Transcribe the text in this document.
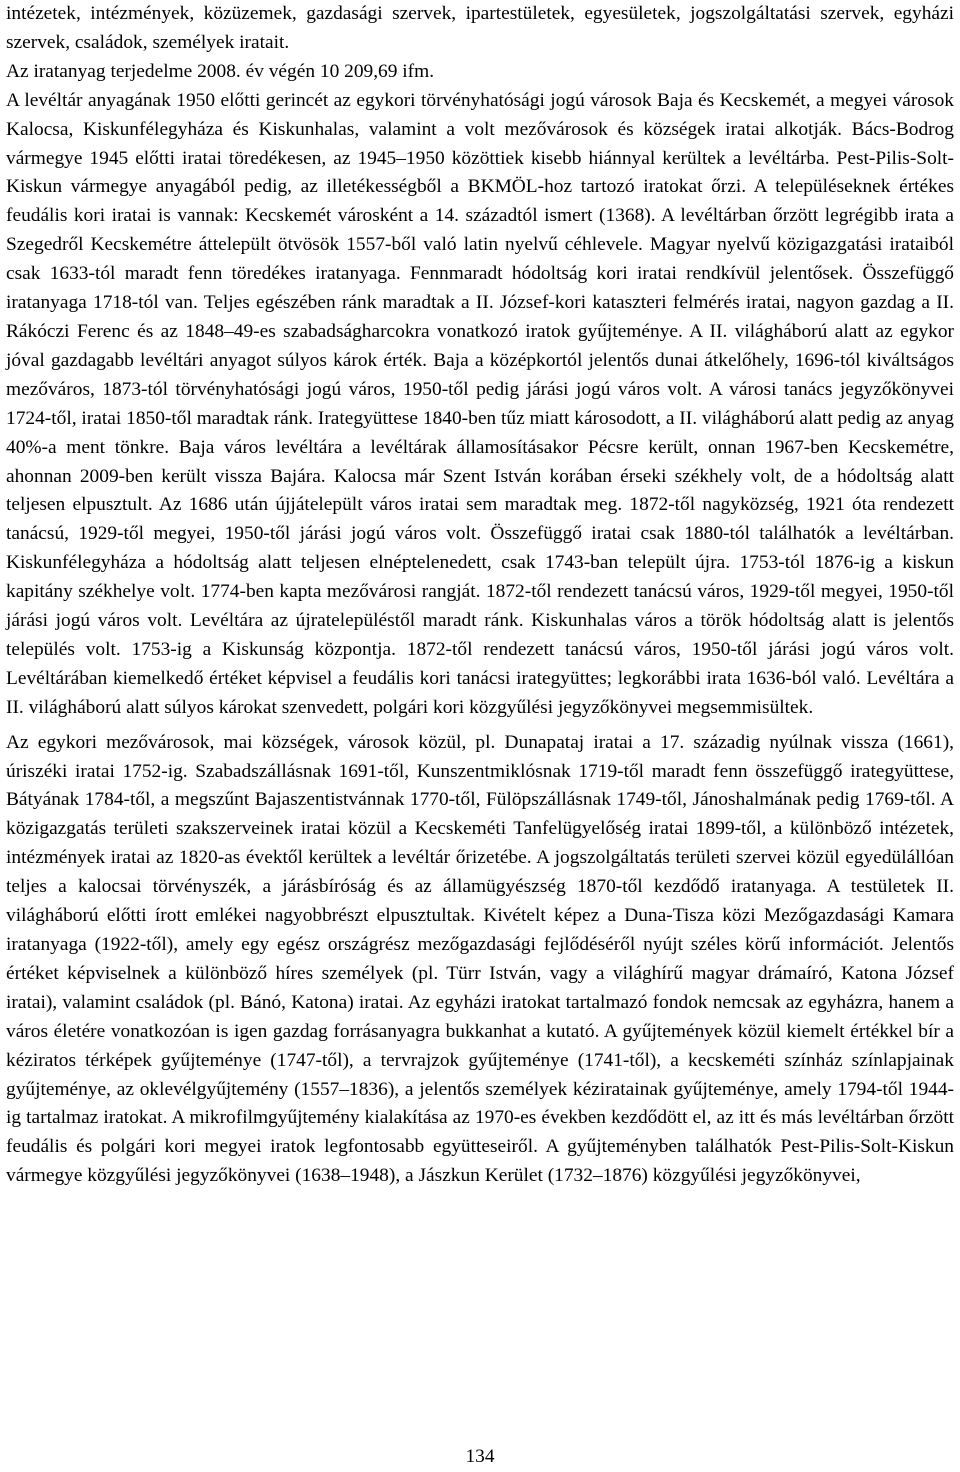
intézetek, intézmények, közüzemek, gazdasági szervek, ipartestületek, egyesületek, jogszolgáltatási szervek, egyházi szervek, családok, személyek iratait.

Az iratanyag terjedelme 2008. év végén 10 209,69 ifm.

A levéltár anyagának 1950 előtti gerincét az egykori törvényhatósági jogú városok Baja és Kecskemét, a megyei városok Kalocsa, Kiskunfélegyháza és Kiskunhalas, valamint a volt mezővárosok és községek iratai alkotják. Bács-Bodrog vármegye 1945 előtti iratai töredékesen, az 1945–1950 közöttiek kisebb hiánnyal kerültek a levéltárba. Pest-Pilis-Solt-Kiskun vármegye anyagából pedig, az illetékességből a BKMÖL-hoz tartozó iratokat őrzi. A településeknek értékes feudális kori iratai is vannak: Kecskemét városként a 14. századtól ismert (1368). A levéltárban őrzött legrégibb irata a Szegedről Kecskemétre áttelepült ötvösök 1557-ből való latin nyelvű céhlevele. Magyar nyelvű közigazgatási irataiból csak 1633-tól maradt fenn töredékes iratanyaga. Fennmaradt hódoltság kori iratai rendkívül jelentősek. Összefüggő iratanyaga 1718-tól van. Teljes egészében ránk maradtak a II. József-kori kataszteri felmérés iratai, nagyon gazdag a II. Rákóczi Ferenc és az 1848–49-es szabadságharcokra vonatkozó iratok gyűjteménye. A II. világháború alatt az egykor jóval gazdagabb levéltári anyagot súlyos károk érték. Baja a középkortól jelentős dunai átkelőhely, 1696-tól kiváltságos mezőváros, 1873-tól törvényhatósági jogú város, 1950-től pedig járási jogú város volt. A városi tanács jegyzőkönyvei 1724-től, iratai 1850-től maradtak ránk. Irategyüttese 1840-ben tűz miatt károsodott, a II. világháború alatt pedig az anyag 40%-a ment tönkre. Baja város levéltára a levéltárak államosításakor Pécsre került, onnan 1967-ben Kecskemétre, ahonnan 2009-ben került vissza Bajára. Kalocsa már Szent István korában érseki székhely volt, de a hódoltság alatt teljesen elpusztult. Az 1686 után újjátelepült város iratai sem maradtak meg. 1872-től nagyközség, 1921 óta rendezett tanácsú, 1929-től megyei, 1950-től járási jogú város volt. Összefüggő iratai csak 1880-tól találhatók a levéltárban. Kiskunfélegyháza a hódoltság alatt teljesen elnéptelenedett, csak 1743-ban települt újra. 1753-tól 1876-ig a kiskun kapitány székhelye volt. 1774-ben kapta mezővárosi rangját. 1872-től rendezett tanácsú város, 1929-től megyei, 1950-től járási jogú város volt. Levéltára az újratelepüléstől maradt ránk. Kiskunhalas város a török hódoltság alatt is jelentős település volt. 1753-ig a Kiskunság központja. 1872-től rendezett tanácsú város, 1950-től járási jogú város volt. Levéltárában kiemelkedő értéket képvisel a feudális kori tanácsi irategyüttes; legkorábbi irata 1636-ból való. Levéltára a II. világháború alatt súlyos károkat szenvedett, polgári kori közgyűlési jegyzőkönyvei megsemmisültek.

Az egykori mezővárosok, mai községek, városok közül, pl. Dunapataj iratai a 17. századig nyúlnak vissza (1661), úriszéki iratai 1752-ig. Szabadszállásnak 1691-től, Kunszentmiklósnak 1719-től maradt fenn összefüggő irategyüttese, Bátyának 1784-től, a megszűnt Bajaszentistvánnak 1770-től, Fülöpszállásnak 1749-től, Jánoshalmának pedig 1769-től. A közigazgatás területi szakszerveinek iratai közül a Kecskeméti Tanfelügyelőség iratai 1899-től, a különböző intézetek, intézmények iratai az 1820-as évektől kerültek a levéltár őrizetébe. A jogszolgáltatás területi szervei közül egyedülállóan teljes a kalocsai törvényszék, a járásbíróság és az államügyészség 1870-től kezdődő iratanyaga. A testületek II. világháború előtti írott emlékei nagyobbrészt elpusztultak. Kivételt képez a Duna-Tisza közi Mezőgazdasági Kamara iratanyaga (1922-től), amely egy egész országrész mezőgazdasági fejlődéséről nyújt széles körű információt. Jelentős értéket képviselnek a különböző híres személyek (pl. Türr István, vagy a világhírű magyar drámaíró, Katona József iratai), valamint családok (pl. Bánó, Katona) iratai. Az egyházi iratokat tartalmazó fondok nemcsak az egyházra, hanem a város életére vonatkozóan is igen gazdag forrásanyagra bukkanhat a kutató. A gyűjtemények közül kiemelt értékkel bír a kéziratos térképek gyűjteménye (1747-től), a tervrajzok gyűjteménye (1741-től), a kecskeméti színház színlapjainak gyűjteménye, az oklevélgyűjtemény (1557–1836), a jelentős személyek kéziratainak gyűjteménye, amely 1794-től 1944-ig tartalmaz iratokat. A mikrofilmgyűjtemény kialakítása az 1970-es években kezdődött el, az itt és más levéltárban őrzött feudális és polgári kori megyei iratok legfontosabb együtteseiről. A gyűjteményben találhatók Pest-Pilis-Solt-Kiskun vármegye közgyűlési jegyzőkönyvei (1638–1948), a Jászkun Kerület (1732–1876) közgyűlési jegyzőkönyvei,

134
